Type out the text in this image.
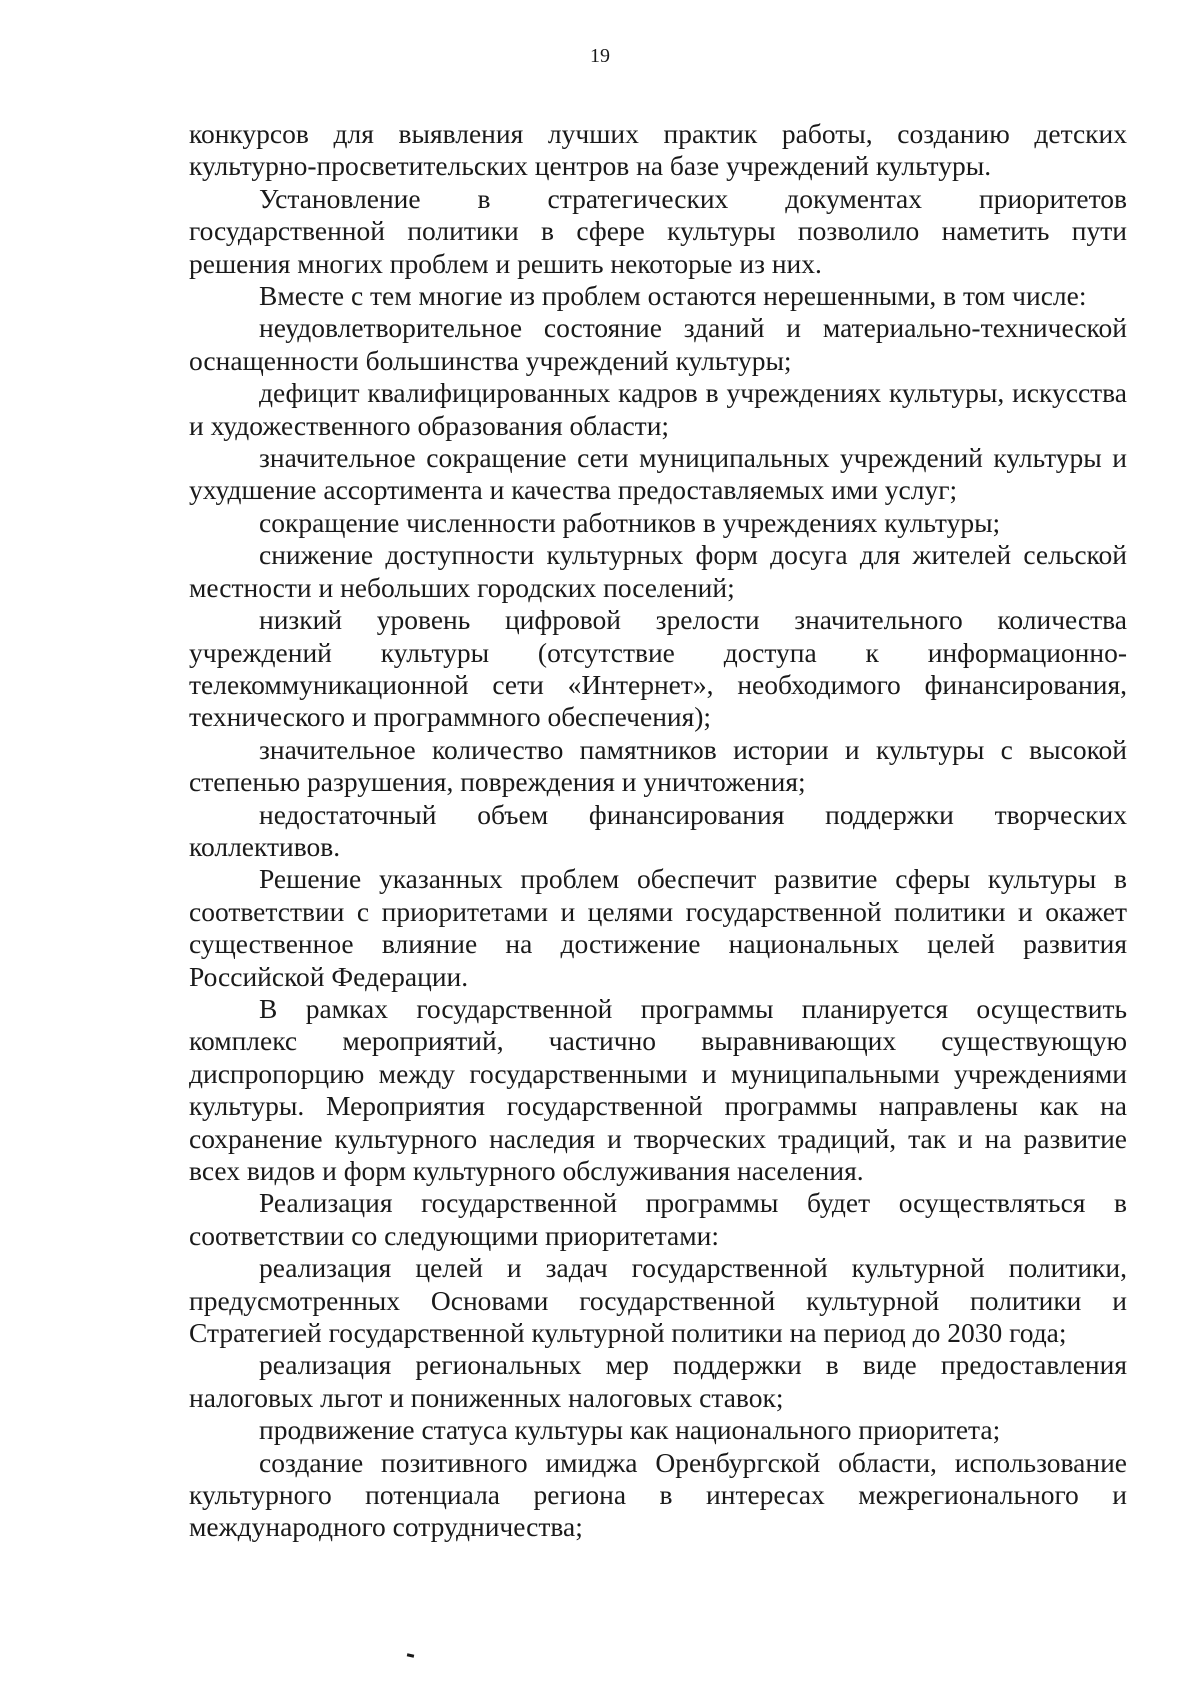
19

конкурсов для выявления лучших практик работы, созданию детских культурно-просветительских центров на базе учреждений культуры.

Установление в стратегических документах приоритетов государственной политики в сфере культуры позволило наметить пути решения многих проблем и решить некоторые из них.

Вместе с тем многие из проблем остаются нерешенными, в том числе:

неудовлетворительное состояние зданий и материально-технической оснащенности большинства учреждений культуры;

дефицит квалифицированных кадров в учреждениях культуры, искусства и художественного образования области;

значительное сокращение сети муниципальных учреждений культуры и ухудшение ассортимента и качества предоставляемых ими услуг;

сокращение численности работников в учреждениях культуры;

снижение доступности культурных форм досуга для жителей сельской местности и небольших городских поселений;

низкий уровень цифровой зрелости значительного количества учреждений культуры (отсутствие доступа к информационно-телекоммуникационной сети «Интернет», необходимого финансирования, технического и программного обеспечения);

значительное количество памятников истории и культуры с высокой степенью разрушения, повреждения и уничтожения;

недостаточный объем финансирования поддержки творческих коллективов.

Решение указанных проблем обеспечит развитие сферы культуры в соответствии с приоритетами и целями государственной политики и окажет существенное влияние на достижение национальных целей развития Российской Федерации.

В рамках государственной программы планируется осуществить комплекс мероприятий, частично выравнивающих существующую диспропорцию между государственными и муниципальными учреждениями культуры. Мероприятия государственной программы направлены как на сохранение культурного наследия и творческих традиций, так и на развитие всех видов и форм культурного обслуживания населения.

Реализация государственной программы будет осуществляться в соответствии со следующими приоритетами:

реализация целей и задач государственной культурной политики, предусмотренных Основами государственной культурной политики и Стратегией государственной культурной политики на период до 2030 года;

реализация региональных мер поддержки в виде предоставления налоговых льгот и пониженных налоговых ставок;

продвижение статуса культуры как национального приоритета;

создание позитивного имиджа Оренбургской области, использование культурного потенциала региона в интересах межрегионального и международного сотрудничества;
